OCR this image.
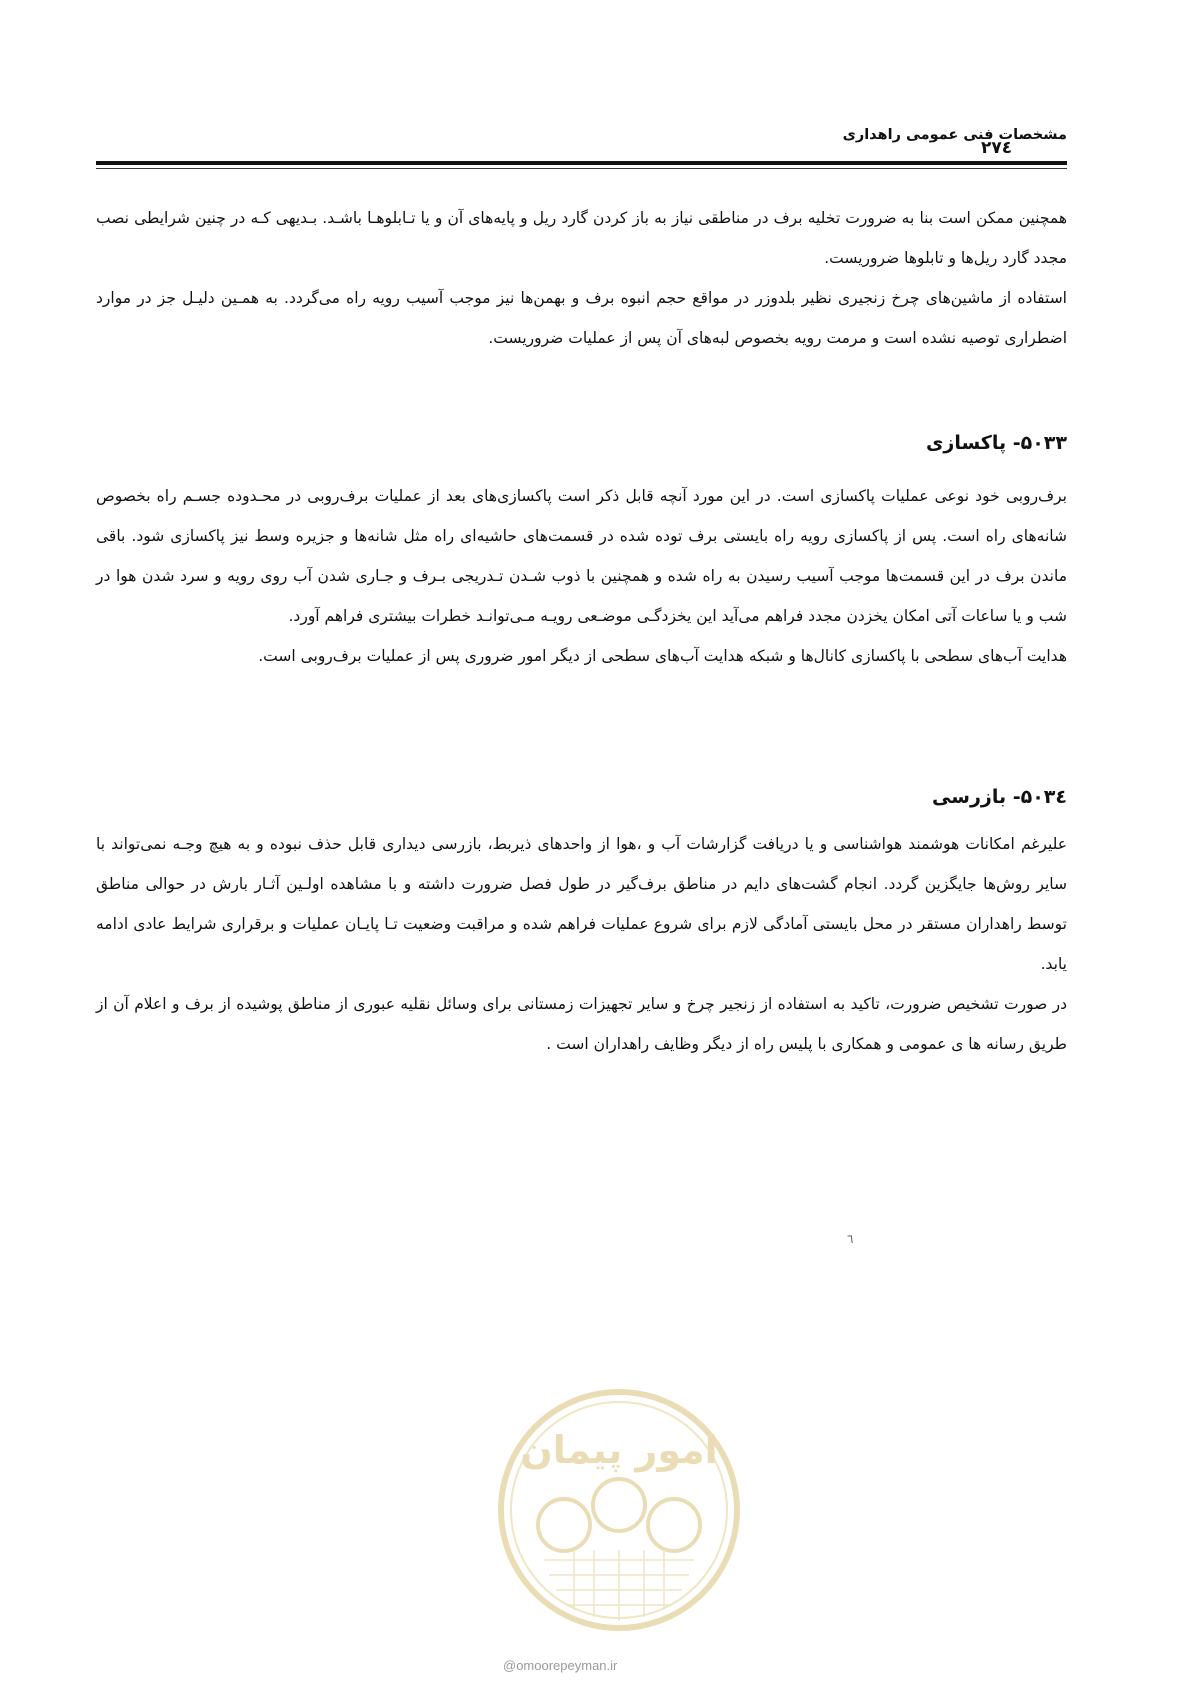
مشخصات فنی عمومی راهداری
۲۷٤

همچنین ممکن است بنا به ضرورت تخلیه برف در مناطقی نیاز به باز کردن گارد ریل و پایه‌های آن و یا تـابلوهـا باشـد. بـدیهی کـه در چنین شرایطی نصب مجدد گارد ریل‌ها و تابلوها ضروریست.

استفاده از ماشین‌های چرخ زنجیری نظیر بلدوزر در مواقع حجم انبوه برف و بهمن‌ها نیز موجب آسیب رویه راه می‌گردد. به همـین دلیـل جز در موارد اضطراری توصیه نشده است و مرمت رویه بخصوص لبه‌های آن پس از عملیات ضروریست.

۵۰۳۳- پاکسازی

برف‌روبی خود نوعی عملیات پاکسازی است. در این مورد آنچه قابل ذکر است پاکسازی‌های بعد از عملیات برف‌روبی در محـدوده جسـم راه بخصوص شانه‌های راه است. پس از پاکسازی رویه راه بایستی برف توده شده در قسمت‌های حاشیه‌ای راه مثل شانه‌ها و جزیره وسط نیز پاکسازی شود. باقی ماندن برف در این قسمت‌ها موجب آسیب رسیدن به راه شده و همچنین با ذوب شـدن تـدریجی بـرف و جـاری شدن آب روی رویه و سرد شدن هوا در شب و یا ساعات آتی امکان یخزدن مجدد فراهم می‌آید این یخزدگـی موضـعی رویـه مـی‌توانـد خطرات بیشتری فراهم آورد.

هدایت آب‌های سطحی با پاکسازی کانال‌ها و شبکه هدایت آب‌های سطحی از دیگر امور ضروری پس از عملیات برف‌روبی است.

۵۰۳٤- بازرسی

علیرغم امکانات هوشمند هواشناسی و یا دریافت گزارشات آب و ،هوا از واحدهای ذیربط، بازرسی دیداری قابل حذف نبوده و به هیچ وجـه نمی‌تواند با سایر روش‌ها جایگزین گردد. انجام گشت‌های دایم در مناطق برف‌گیر در طول فصل ضرورت داشته و با مشاهده اولـین آثـار بارش در حوالی مناطق توسط راهداران مستقر در محل بایستی آمادگی لازم برای شروع عملیات فراهم شده و مراقبت وضعیت تـا پایـان عملیات و برقراری شرایط عادی ادامه یابد.

در صورت تشخیص ضرورت، تاکید به استفاده از زنجیر چرخ و سایر تجهیزات زمستانی برای وسائل نقلیه عبوری از مناطق پوشیده از برف و اعلام آن از طریق رسانه ها ی عمومی و همکاری با پلیس راه از دیگر وظایف راهداران است .

٦
امور پیمان
@omoorepeyman.ir
